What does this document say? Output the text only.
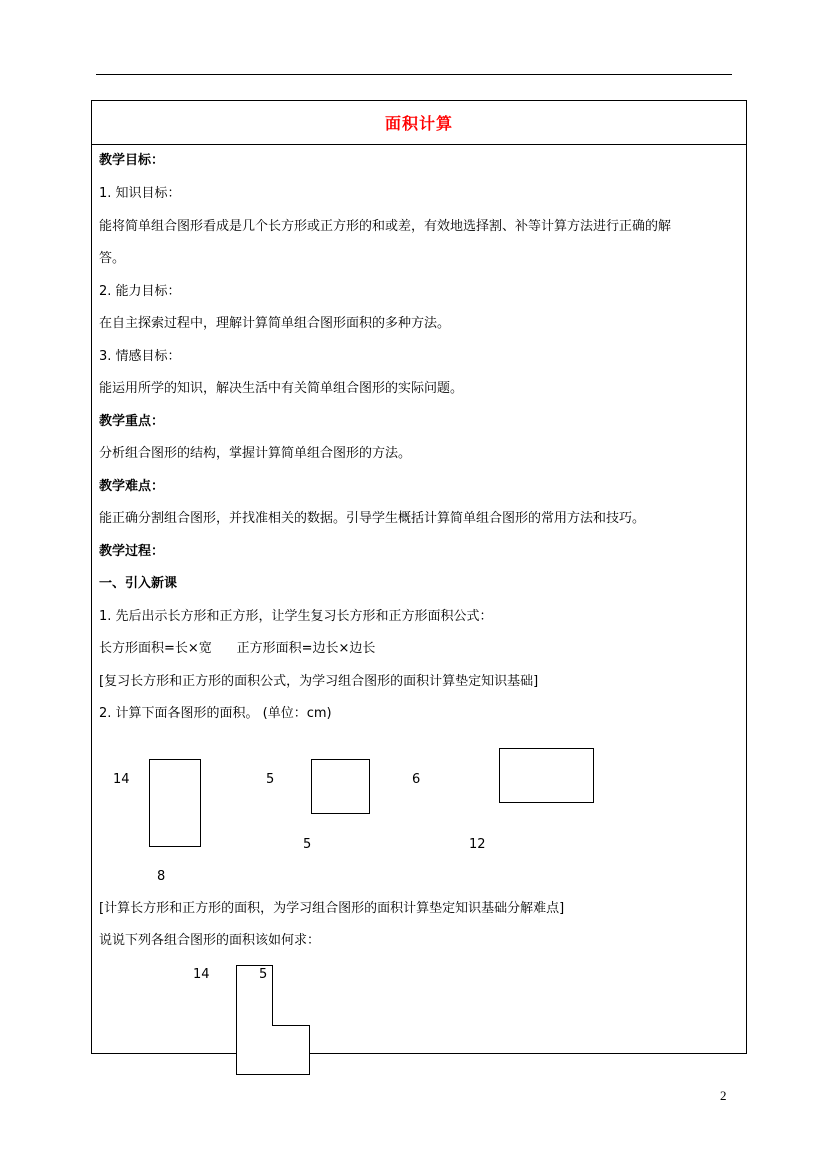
面积计算
教学目标：
1. 知识目标：
能将简单组合图形看成是几个长方形或正方形的和或差，有效地选择割、补等计算方法进行正确的解
答。
2. 能力目标：
在自主探索过程中，理解计算简单组合图形面积的多种方法。
3. 情感目标：
能运用所学的知识，解决生活中有关简单组合图形的实际问题。
教学重点：
分析组合图形的结构，掌握计算简单组合图形的方法。
教学难点：
能正确分割组合图形，并找准相关的数据。引导学生概括计算简单组合图形的常用方法和技巧。
教学过程：
一、引入新课
1. 先后出示长方形和正方形，让学生复习长方形和正方形面积公式：
长方形面积=长×宽      正方形面积=边长×边长
[复习长方形和正方形的面积公式，为学习组合图形的面积计算垫定知识基础]
2. 计算下面各图形的面积。 (单位：cm)
14
8
5
5
6
12
[计算长方形和正方形的面积，为学习组合图形的面积计算垫定知识基础分解难点]
说说下列各组合图形的面积该如何求：
14	5
2
